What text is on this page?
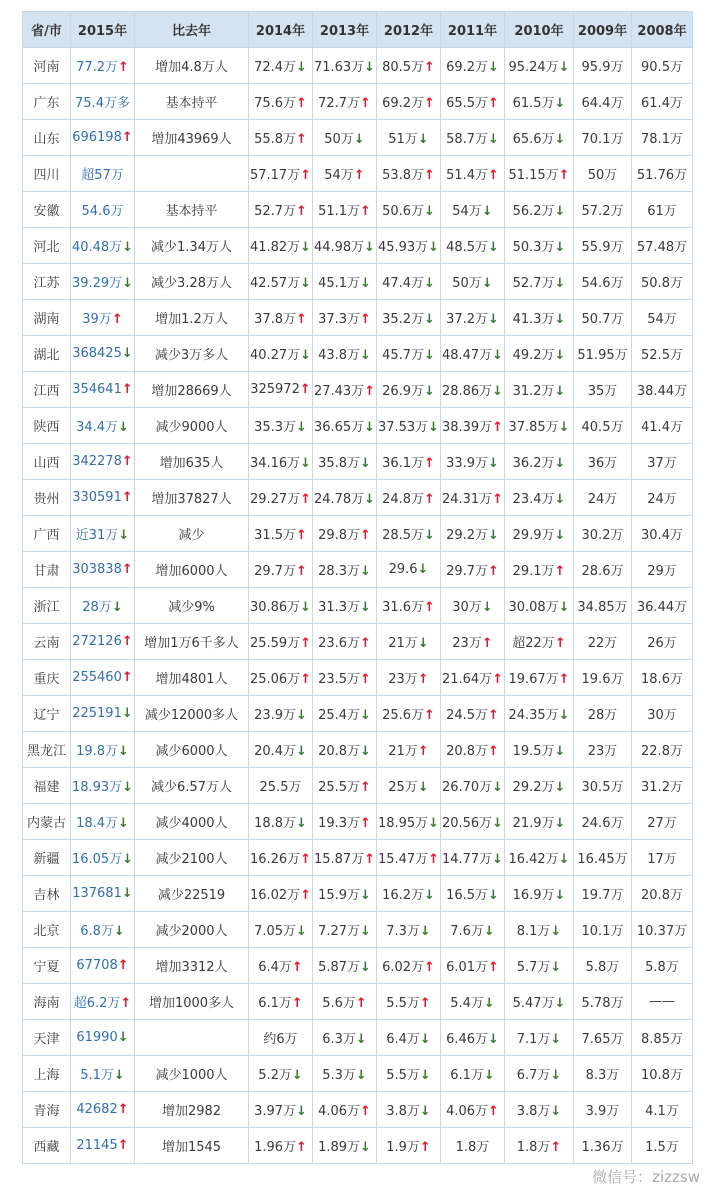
省/市	2015年	比去年	2014年	2013年	2012年	2011年	2010年	2009年	2008年
河南	77.2万↑	增加4.8万人	72.4万↓	71.63万↓	80.5万↑	69.2万↓	95.24万↓	95.9万	90.5万
广东	75.4万多	基本持平	75.6万↑	72.7万↑	69.2万↑	65.5万↑	61.5万↓	64.4万	61.4万
山东	696198↑	增加43969人	55.8万↑	50万↓	51万↓	58.7万↓	65.6万↓	70.1万	78.1万
四川	超57万		57.17万↑	54万↑	53.8万↑	51.4万↑	51.15万↑	50万	51.76万
安徽	54.6万	基本持平	52.7万↑	51.1万↑	50.6万↓	54万↓	56.2万↓	57.2万	61万
河北	40.48万↓	减少1.34万人	41.82万↓	44.98万↓	45.93万↓	48.5万↓	50.3万↓	55.9万	57.48万
江苏	39.29万↓	减少3.28万人	42.57万↓	45.1万↓	47.4万↓	50万↓	52.7万↓	54.6万	50.8万
湖南	39万↑	增加1.2万人	37.8万↑	37.3万↑	35.2万↓	37.2万↓	41.3万↓	50.7万	54万
湖北	368425↓	减少3万多人	40.27万↓	43.8万↓	45.7万↓	48.47万↓	49.2万↓	51.95万	52.5万
江西	354641↑	增加28669人	325972↑	27.43万↑	26.9万↓	28.86万↓	31.2万↓	35万	38.44万
陕西	34.4万↓	减少9000人	35.3万↓	36.65万↓	37.53万↓	38.39万↑	37.85万↓	40.5万	41.4万
山西	342278↑	增加635人	34.16万↓	35.8万↓	36.1万↑	33.9万↓	36.2万↓	36万	37万
贵州	330591↑	增加37827人	29.27万↑	24.78万↓	24.8万↑	24.31万↑	23.4万↓	24万	24万
广西	近31万↓	减少	31.5万↑	29.8万↑	28.5万↓	29.2万↓	29.9万↓	30.2万	30.4万
甘肃	303838↑	增加6000人	29.7万↑	28.3万↓	29.6↓	29.7万↑	29.1万↑	28.6万	29万
浙江	28万↓	减少9%	30.86万↓	31.3万↓	31.6万↑	30万↓	30.08万↓	34.85万	36.44万
云南	272126↑	增加1万6千多人	25.59万↑	23.6万↑	21万↓	23万↑	超22万↑	22万	26万
重庆	255460↑	增加4801人	25.06万↑	23.5万↑	23万↑	21.64万↑	19.67万↑	19.6万	18.6万
辽宁	225191↓	减少12000多人	23.9万↓	25.4万↓	25.6万↑	24.5万↑	24.35万↓	28万	30万
黑龙江	19.8万↓	减少6000人	20.4万↓	20.8万↓	21万↑	20.8万↑	19.5万↓	23万	22.8万
福建	18.93万↓	减少6.57万人	25.5万	25.5万↑	25万↓	26.70万↓	29.2万↓	30.5万	31.2万
内蒙古	18.4万↓	减少4000人	18.8万↓	19.3万↑	18.95万↓	20.56万↓	21.9万↓	24.6万	27万
新疆	16.05万↓	减少2100人	16.26万↑	15.87万↑	15.47万↑	14.77万↓	16.42万↓	16.45万	17万
吉林	137681↓	减少22519	16.02万↑	15.9万↓	16.2万↓	16.5万↓	16.9万↓	19.7万	20.8万
北京	6.8万↓	减少2000人	7.05万↓	7.27万↓	7.3万↓	7.6万↓	8.1万↓	10.1万	10.37万
宁夏	67708↑	增加3312人	6.4万↑	5.87万↓	6.02万↑	6.01万↑	5.7万↓	5.8万	5.8万
海南	超6.2万↑	增加1000多人	6.1万↑	5.6万↑	5.5万↑	5.4万↓	5.47万↓	5.78万	——
天津	61990↓		约6万	6.3万↓	6.4万↓	6.46万↓	7.1万↓	7.65万	8.85万
上海	5.1万↓	减少1000人	5.2万↓	5.3万↓	5.5万↓	6.1万↓	6.7万↓	8.3万	10.8万
青海	42682↑	增加2982	3.97万↓	4.06万↑	3.8万↓	4.06万↑	3.8万↓	3.9万	4.1万
西藏	21145↑	增加1545	1.96万↑	1.89万↓	1.9万↑	1.8万	1.8万↑	1.36万	1.5万
微信号：zizzsw
